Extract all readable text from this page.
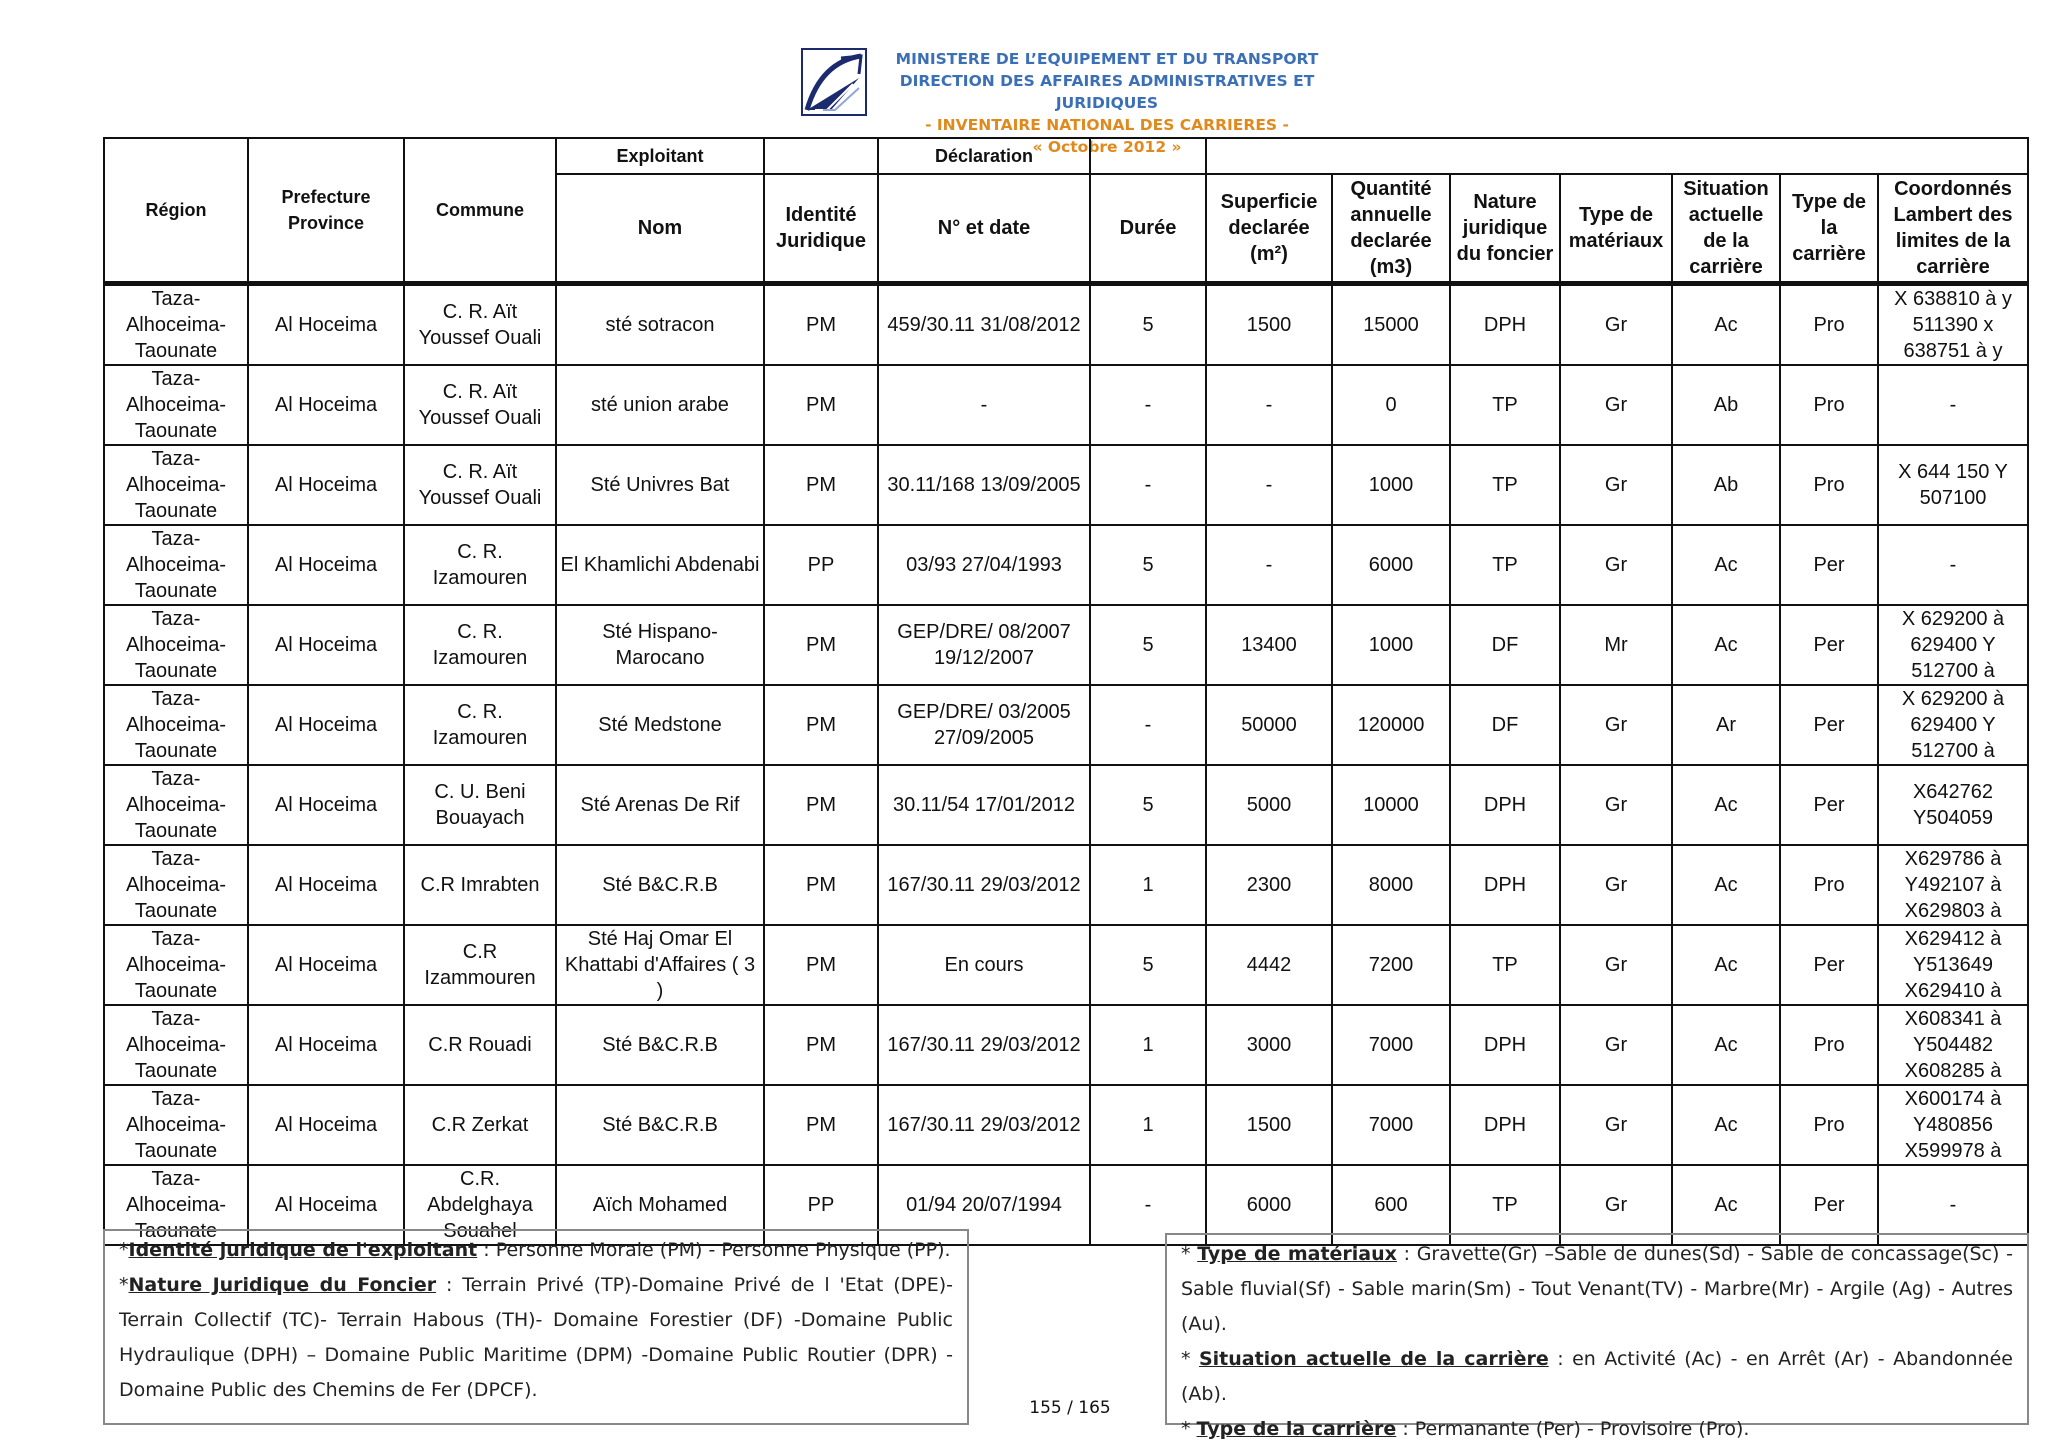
MINISTERE DE L’EQUIPEMENT ET DU TRANSPORT
DIRECTION DES AFFAIRES ADMINISTRATIVES ET JURIDIQUES
- INVENTAIRE NATIONAL DES CARRIERES -
« Octobre 2012 »
Région	Prefecture Province	Commune	Exploitant		Déclaration								
			Nom	Identité Juridique	N° et date	Durée	Superficie declarée (m²)	Quantité annuelle declarée (m3)	Nature juridique du foncier	Type de matériaux	Situation actuelle de la carrière	Type de la carrière	Coordonnés Lambert des limites de la carrière
Taza-Alhoceima-Taounate	Al Hoceima	C. R. Aït Youssef Ouali	sté sotracon	PM	459/30.11 31/08/2012	5	1500	15000	DPH	Gr	Ac	Pro	X 638810 à y 511390 x 638751 à y
Taza-Alhoceima-Taounate	Al Hoceima	C. R. Aït Youssef Ouali	sté union arabe	PM	-	-	-	0	TP	Gr	Ab	Pro	-
Taza-Alhoceima-Taounate	Al Hoceima	C. R. Aït Youssef Ouali	Sté Univres Bat	PM	30.11/168 13/09/2005	-	-	1000	TP	Gr	Ab	Pro	X 644 150 Y 507100
Taza-Alhoceima-Taounate	Al Hoceima	C. R. Izamouren	El Khamlichi Abdenabi	PP	03/93 27/04/1993	5	-	6000	TP	Gr	Ac	Per	-
Taza-Alhoceima-Taounate	Al Hoceima	C. R. Izamouren	Sté Hispano-Marocano	PM	GEP/DRE/ 08/2007 19/12/2007	5	13400	1000	DF	Mr	Ac	Per	X 629200 à 629400 Y 512700 à
Taza-Alhoceima-Taounate	Al Hoceima	C. R. Izamouren	Sté Medstone	PM	GEP/DRE/ 03/2005 27/09/2005	-	50000	120000	DF	Gr	Ar	Per	X 629200 à 629400 Y 512700 à
Taza-Alhoceima-Taounate	Al Hoceima	C. U. Beni Bouayach	Sté Arenas De Rif	PM	30.11/54 17/01/2012	5	5000	10000	DPH	Gr	Ac	Per	X642762 Y504059
Taza-Alhoceima-Taounate	Al Hoceima	C.R Imrabten	Sté B&C.R.B	PM	167/30.11 29/03/2012	1	2300	8000	DPH	Gr	Ac	Pro	X629786 à Y492107 à X629803 à
Taza-Alhoceima-Taounate	Al Hoceima	C.R Izammouren	Sté Haj Omar El Khattabi d'Affaires ( 3 )	PM	En cours	5	4442	7200	TP	Gr	Ac	Per	X629412 à Y513649 X629410 à
Taza-Alhoceima-Taounate	Al Hoceima	C.R Rouadi	Sté B&C.R.B	PM	167/30.11 29/03/2012	1	3000	7000	DPH	Gr	Ac	Pro	X608341 à Y504482 X608285 à
Taza-Alhoceima-Taounate	Al Hoceima	C.R Zerkat	Sté B&C.R.B	PM	167/30.11 29/03/2012	1	1500	7000	DPH	Gr	Ac	Pro	X600174 à Y480856 X599978 à
Taza-Alhoceima-Taounate	Al Hoceima	C.R. Abdelghaya Souahel	Aïch Mohamed	PP	01/94 20/07/1994	-	6000	600	TP	Gr	Ac	Per	-

*Identité juridique de l'exploitant : Personne Morale (PM) - Personne Physique (PP).

*Nature Juridique du Foncier : Terrain Privé (TP)-Domaine Privé de l 'Etat (DPE)- Terrain Collectif (TC)- Terrain Habous (TH)- Domaine Forestier (DF) -Domaine Public Hydraulique (DPH) – Domaine Public Maritime (DPM) -Domaine Public Routier (DPR) - Domaine Public des Chemins de Fer (DPCF).

* Type de matériaux : Gravette(Gr) –Sable de dunes(Sd) - Sable de concassage(Sc) - Sable fluvial(Sf) - Sable marin(Sm) - Tout Venant(TV) - Marbre(Mr) - Argile (Ag) - Autres (Au).

* Situation actuelle de la carrière : en Activité (Ac) - en Arrêt (Ar) - Abandonnée (Ab).

* Type de la carrière : Permanante (Per) - Provisoire (Pro).

155 / 165
